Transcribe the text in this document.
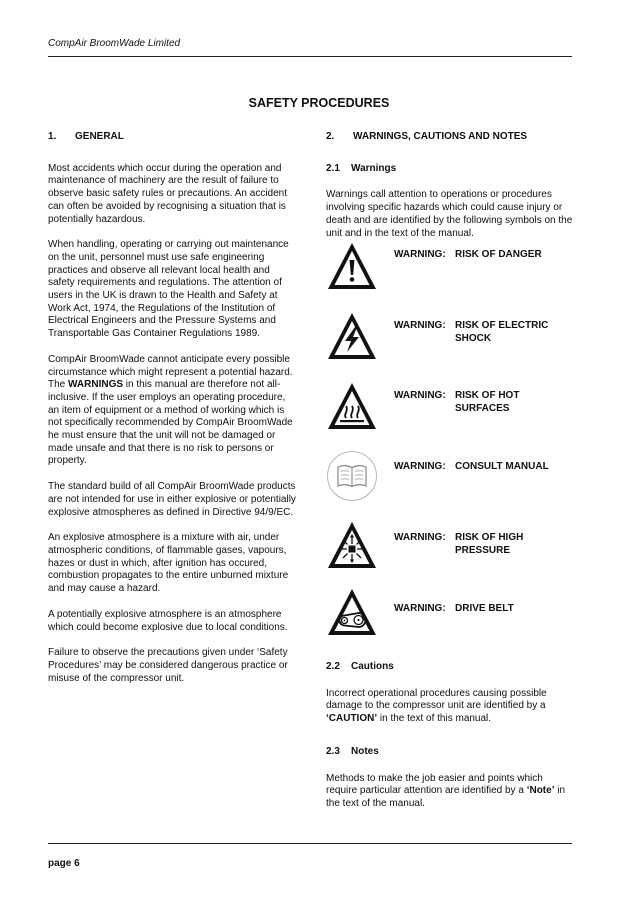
CompAir BroomWade Limited
SAFETY PROCEDURES
1. GENERAL

Most accidents which occur during the operation and maintenance of machinery are the result of failure to observe basic safety rules or precautions. An accident can often be avoided by recognising a situation that is potentially hazardous.

When handling, operating or carrying out maintenance on the unit, personnel must use safe engineering practices and observe all relevant local health and safety requirements and regulations. The attention of users in the UK is drawn to the Health and Safety at Work Act, 1974, the Regulations of the Institution of Electrical Engineers and the Pressure Systems and Transportable Gas Container Regulations 1989.

CompAir BroomWade cannot anticipate every possible circumstance which might represent a potential hazard. The WARNINGS in this manual are therefore not all-inclusive. If the user employs an operating procedure, an item of equipment or a method of working which is not specifically recommended by CompAir BroomWade he must ensure that the unit will not be damaged or made unsafe and that there is no risk to persons or property.

The standard build of all CompAir BroomWade products are not intended for use in either explosive or potentially explosive atmospheres as defined in Directive 94/9/EC.

An explosive atmosphere is a mixture with air, under atmospheric conditions, of flammable gases, vapours, hazes or dust in which, after ignition has occured, combustion propagates to the entire unburned mixture and may cause a hazard.

A potentially explosive atmosphere is an atmosphere which could become explosive due to local conditions.

Failure to observe the precautions given under ‘Safety Procedures’ may be considered dangerous practice or misuse of the compressor unit.

2. WARNINGS, CAUTIONS AND NOTES
2.1 Warnings

Warnings call attention to operations or procedures involving specific hazards which could cause injury or death and are identified by the following symbols on the unit and in the text of the manual.

WARNING: RISK OF DANGER
WARNING: RISK OF ELECTRIC
SHOCK
WARNING: RISK OF HOT
SURFACES
WARNING: CONSULT MANUAL
WARNING: RISK OF HIGH
PRESSURE
WARNING: DRIVE BELT
2.2 Cautions

Incorrect operational procedures causing possible damage to the compressor unit are identified by a ‘CAUTION’ in the text of this manual.

2.3 Notes

Methods to make the job easier and points which require particular attention are identified by a ‘Note’ in the text of the manual.

page 6
